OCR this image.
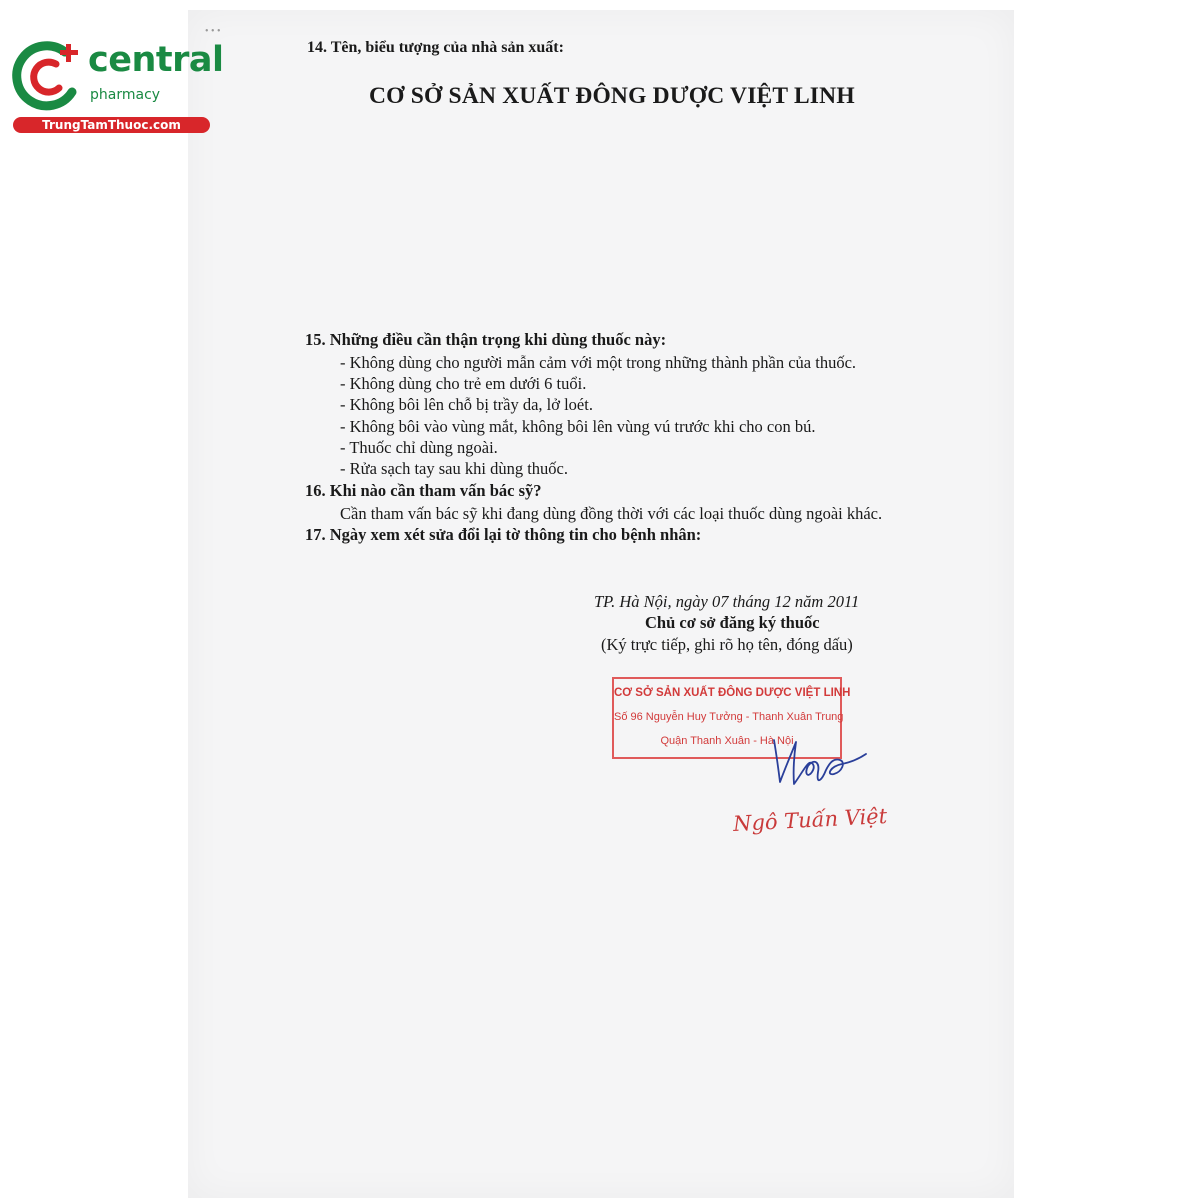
• • •
central
pharmacy
TrungTamThuoc.com
14. Tên, biểu tượng của nhà sản xuất:
CƠ SỞ SẢN XUẤT ĐÔNG DƯỢC VIỆT LINH
15. Những điều cần thận trọng khi dùng thuốc này:
- Không dùng cho người mẫn cảm với một trong những thành phần của thuốc.
- Không dùng cho trẻ em dưới 6 tuổi.
- Không bôi lên chỗ bị trầy da, lở loét.
- Không bôi vào vùng mắt, không bôi lên vùng vú trước khi cho con bú.
- Thuốc chỉ dùng ngoài.
- Rửa sạch tay sau khi dùng thuốc.
16. Khi nào cần tham vấn bác sỹ?
Cần tham vấn bác sỹ khi đang dùng đồng thời với các loại thuốc dùng ngoài khác.
17. Ngày xem xét sửa đổi lại tờ thông tin cho bệnh nhân:
TP. Hà Nội, ngày 07 tháng 12 năm 2011
Chủ cơ sở đăng ký thuốc
(Ký trực tiếp, ghi rõ họ tên, đóng dấu)
CƠ SỞ SẢN XUẤT ĐÔNG DƯỢC VIỆT LINH
Số 96 Nguyễn Huy Tưởng - Thanh Xuân Trung
Quận Thanh Xuân - Hà Nội
Ngô Tuấn Việt
